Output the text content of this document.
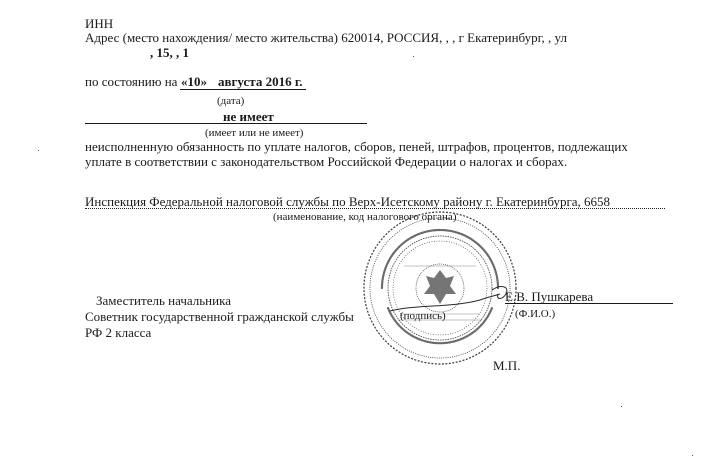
ИНН
Адрес (место нахождения/ место жительства) 620014, РОССИЯ, , , г Екатеринбург, , ул
, 15, , 1
по состоянию на «10» августа 2016 г.
(дата)
не имеет
(имеет или не имеет)
неисполненную обязанность по уплате налогов, сборов, пеней, штрафов, процентов, подлежащих
уплате в соответствии с законодательством Российской Федерации о налогах и сборах.
Инспекция Федеральной налоговой службы по Верх-Исетскому району г. Екатеринбурга, 6658
(наименование, код налогового органа)
Заместитель начальника
Советник государственной гражданской службы
РФ 2 класса
(подпись)
Е.В. Пушкарева
(Ф.И.О.)
М.П.
